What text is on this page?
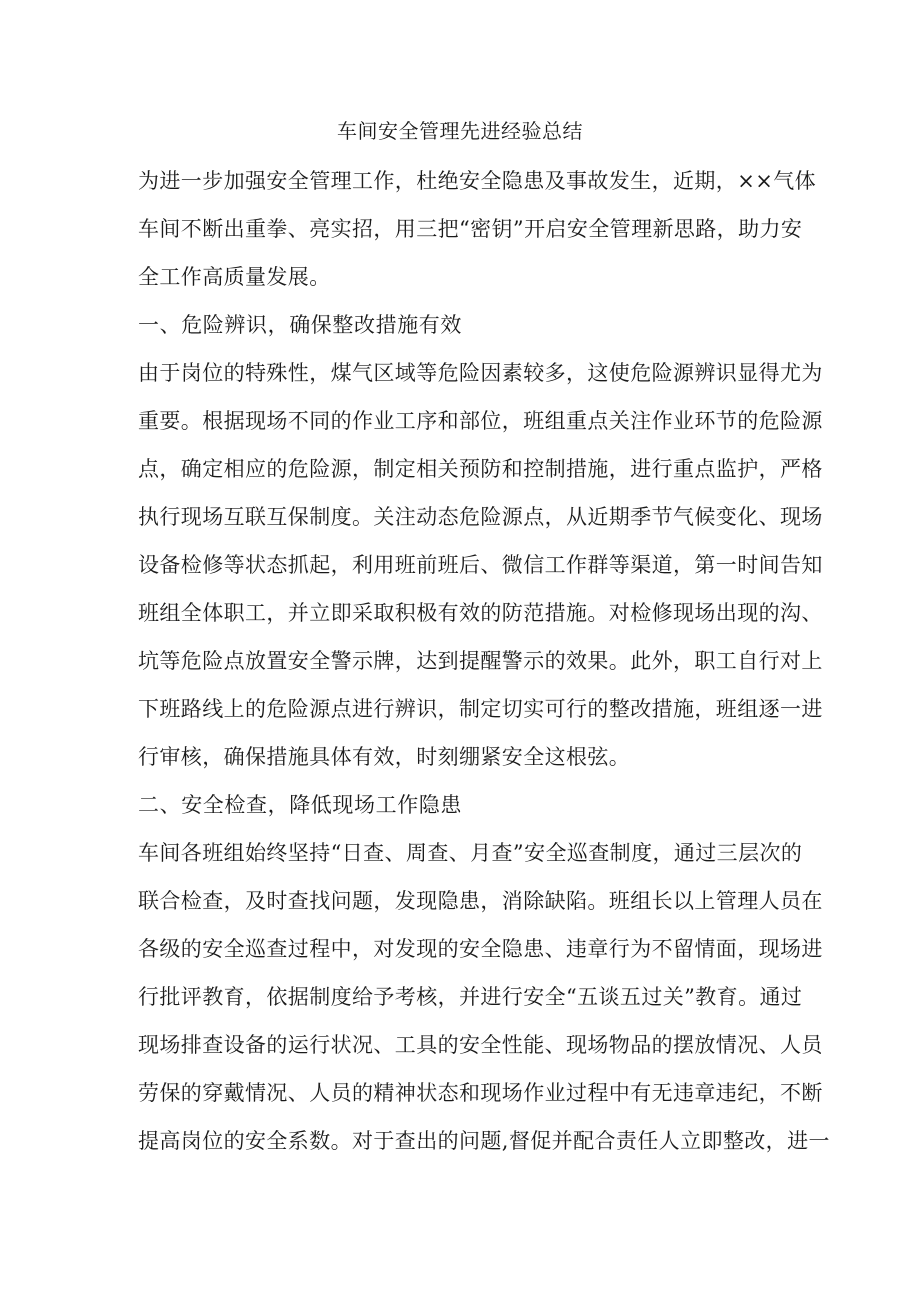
车间安全管理先进经验总结
为进一步加强安全管理工作，杜绝安全隐患及事故发生，近期，××气体
车间不断出重拳、亮实招，用三把“密钥”开启安全管理新思路，助力安
全工作高质量发展。
一、危险辨识，确保整改措施有效
由于岗位的特殊性，煤气区域等危险因素较多，这使危险源辨识显得尤为
重要。根据现场不同的作业工序和部位，班组重点关注作业环节的危险源
点，确定相应的危险源，制定相关预防和控制措施，进行重点监护，严格
执行现场互联互保制度。关注动态危险源点，从近期季节气候变化、现场
设备检修等状态抓起，利用班前班后、微信工作群等渠道，第一时间告知
班组全体职工，并立即采取积极有效的防范措施。对检修现场出现的沟、
坑等危险点放置安全警示牌，达到提醒警示的效果。此外，职工自行对上
下班路线上的危险源点进行辨识，制定切实可行的整改措施，班组逐一进
行审核，确保措施具体有效，时刻绷紧安全这根弦。
二、安全检查，降低现场工作隐患
车间各班组始终坚持“日查、周查、月查”安全巡查制度，通过三层次的
联合检查，及时查找问题，发现隐患，消除缺陷。班组长以上管理人员在
各级的安全巡查过程中，对发现的安全隐患、违章行为不留情面，现场进
行批评教育，依据制度给予考核，并进行安全“五谈五过关”教育。通过
现场排查设备的运行状况、工具的安全性能、现场物品的摆放情况、人员
劳保的穿戴情况、人员的精神状态和现场作业过程中有无违章违纪，不断
提高岗位的安全系数。对于查出的问题,督促并配合责任人立即整改，进一
